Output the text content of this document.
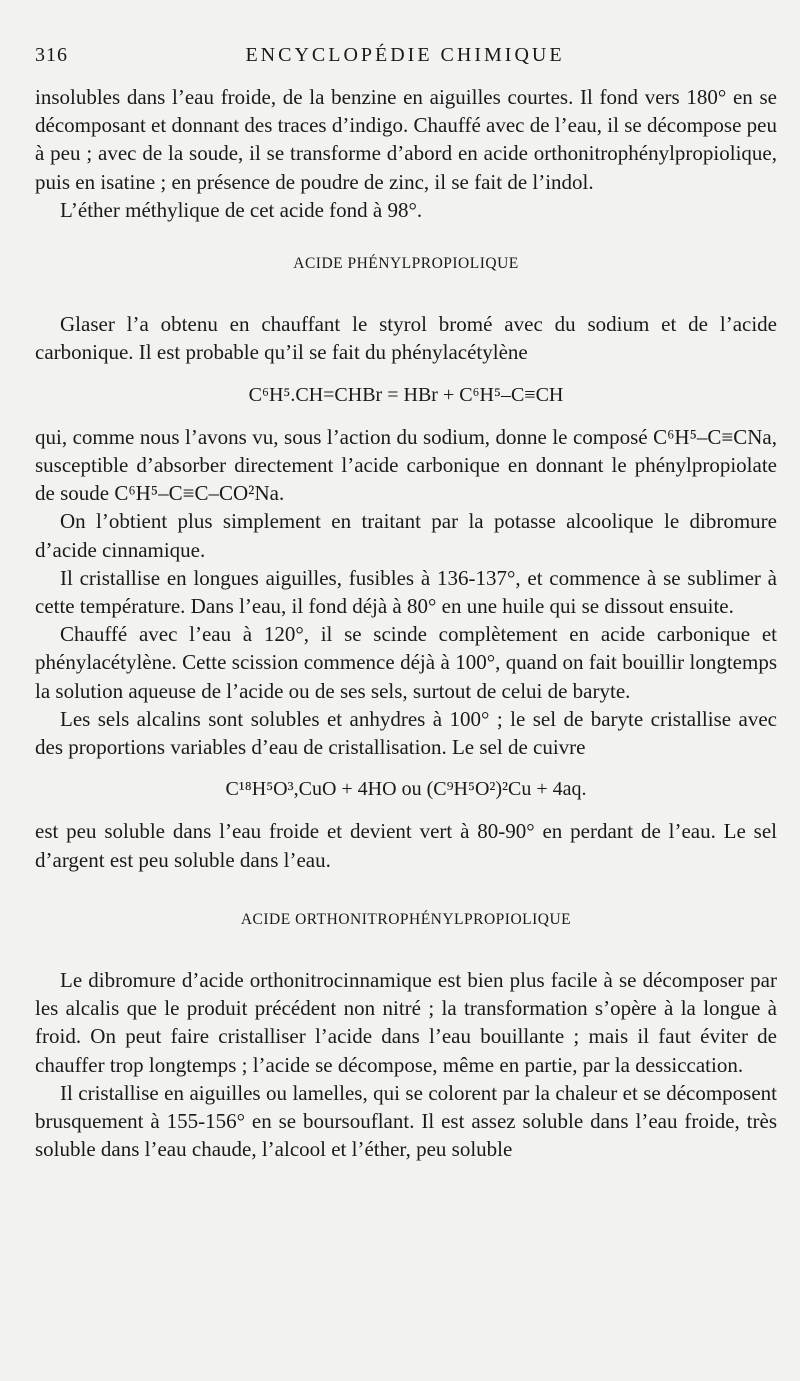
316	ENCYCLOPÉDIE CHIMIQUE

insolubles dans l’eau froide, de la benzine en aiguilles courtes. Il fond vers 180° en se décomposant et donnant des traces d’indigo. Chauffé avec de l’eau, il se décompose peu à peu ; avec de la soude, il se transforme d’abord en acide orthonitrophénylpropiolique, puis en isatine ; en présence de poudre de zinc, il se fait de l’indol.

L’éther méthylique de cet acide fond à 98°.

ACIDE PHÉNYLPROPIOLIQUE

Glaser l’a obtenu en chauffant le styrol bromé avec du sodium et de l’acide carbonique. Il est probable qu’il se fait du phénylacétylène

C⁶H⁵.CH=CHBr = HBr + C⁶H⁵–C≡CH

qui, comme nous l’avons vu, sous l’action du sodium, donne le composé C⁶H⁵–C≡CNa, susceptible d’absorber directement l’acide carbonique en donnant le phénylpropiolate de soude C⁶H⁵–C≡C–CO²Na.

On l’obtient plus simplement en traitant par la potasse alcoolique le dibromure d’acide cinnamique.

Il cristallise en longues aiguilles, fusibles à 136-137°, et commence à se sublimer à cette température. Dans l’eau, il fond déjà à 80° en une huile qui se dissout ensuite.

Chauffé avec l’eau à 120°, il se scinde complètement en acide carbonique et phénylacétylène. Cette scission commence déjà à 100°, quand on fait bouillir longtemps la solution aqueuse de l’acide ou de ses sels, surtout de celui de baryte.

Les sels alcalins sont solubles et anhydres à 100° ; le sel de baryte cristallise avec des proportions variables d’eau de cristallisation. Le sel de cuivre

C¹⁸H⁵O³,CuO + 4HO ou (C⁹H⁵O²)²Cu + 4aq.

est peu soluble dans l’eau froide et devient vert à 80-90° en perdant de l’eau. Le sel d’argent est peu soluble dans l’eau.

ACIDE ORTHONITROPHÉNYLPROPIOLIQUE

Le dibromure d’acide orthonitrocinnamique est bien plus facile à se décomposer par les alcalis que le produit précédent non nitré ; la transformation s’opère à la longue à froid. On peut faire cristalliser l’acide dans l’eau bouillante ; mais il faut éviter de chauffer trop longtemps ; l’acide se décompose, même en partie, par la dessiccation.

Il cristallise en aiguilles ou lamelles, qui se colorent par la chaleur et se décomposent brusquement à 155-156° en se boursouflant. Il est assez soluble dans l’eau froide, très soluble dans l’eau chaude, l’alcool et l’éther, peu soluble
